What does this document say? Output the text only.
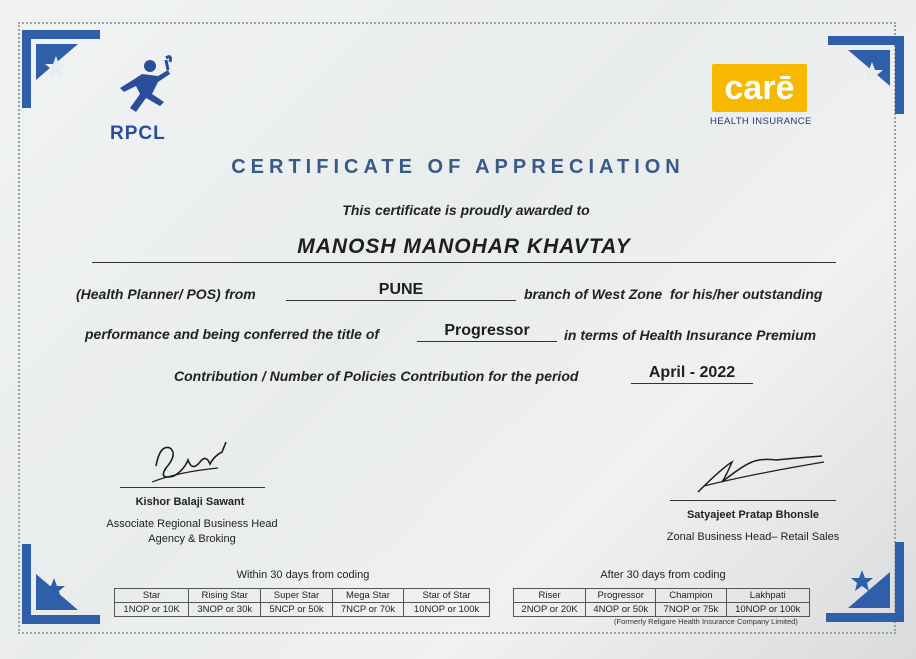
RPCL
carē
HEALTH INSURANCE
CERTIFICATE OF APPRECIATION
This certificate is proudly awarded to
MANOSH MANOHAR KHAVTAY
(Health Planner/ POS) from	PUNE	branch of West Zone  for his/her outstanding
performance and being conferred the title of	Progressor	in terms of Health Insurance Premium
Contribution / Number of Policies Contribution for the period	April - 2022
Kishor Balaji Sawant
Associate Regional Business Head
Agency & Broking
Satyajeet Pratap Bhonsle
Zonal Business Head– Retail Sales
Within 30 days from coding
Star	Rising Star	Super Star	Mega Star	Star of Star
1NOP or 10K	3NOP or 30k	5NCP or 50k	7NCP or 70k	10NOP or 100k
After 30 days from coding
Riser	Progressor	Champion	Lakhpati
2NOP or 20K	4NOP or 50k	7NOP or 75k	10NOP or 100k
(Formerly Religare Health Insurance Company Limited)
